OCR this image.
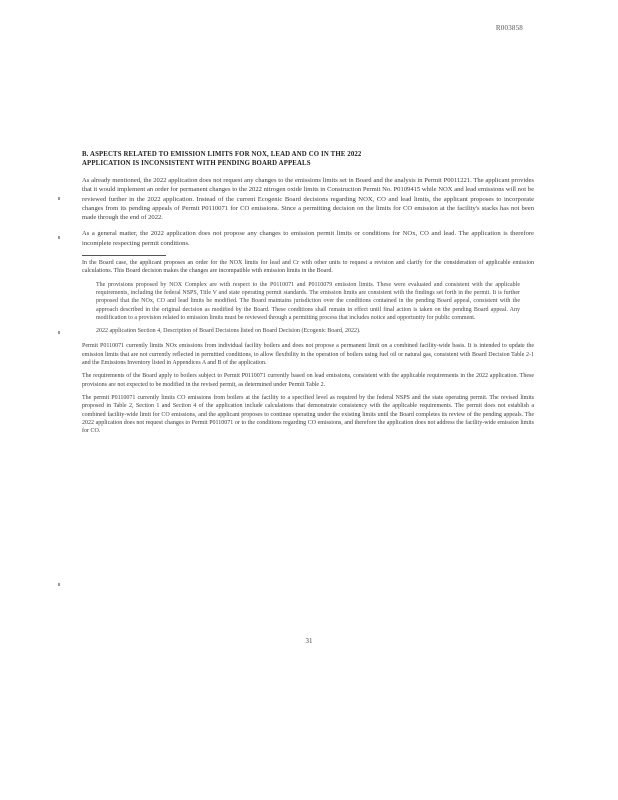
R003858
B. ASPECTS RELATED TO EMISSION LIMITS FOR NOX, LEAD AND CO IN THE 2022
APPLICATION IS INCONSISTENT WITH PENDING BOARD APPEALS

As already mentioned, the 2022 application does not request any changes to the emissions limits set in Board and the analysis in Permit P0011221. The applicant provides that it would implement an order for permanent changes to the 2022 nitrogen oxide limits in Construction Permit No. P0109415 while NOX and lead emissions will not be reviewed further in the 2022 application. Instead of the current Ecogenic Board decisions regarding NOX, CO and lead limits, the applicant proposes to incorporate changes from its pending appeals of Permit P0110071 for CO emissions. Since a permitting decision on the limits for CO emission at the facility's stacks has not been made through the end of 2022.

As a general matter, the 2022 application does not propose any changes to emission permit limits or conditions for NOx, CO and lead. The application is therefore incomplete respecting permit conditions.

In the Board case, the applicant proposes an order for the NOX limits for lead and Cr with other units to request a revision and clarify for the consideration of applicable emission calculations. This Board decision makes the changes are incompatible with emission limits in the Board.
The provisions proposed by NOX Complex are with respect to the P0110071 and P0110079 emission limits. These were evaluated and consistent with the applicable requirements, including the federal NSPS, Title V and state operating permit standards. The emission limits are consistent with the findings set forth in the permit. It is further proposed that the NOx, CO and lead limits be modified. The Board maintains jurisdiction over the conditions contained in the pending Board appeal, consistent with the approach described in the original decision as modified by the Board. These conditions shall remain in effect until final action is taken on the pending Board appeal. Any modification to a provision related to emission limits must be reviewed through a permitting process that includes notice and opportunity for public comment.
2022 application Section 4, Description of Board Decisions listed on Board Decision (Ecogenic Board, 2022).
Permit P0110071 currently limits NOx emissions from individual facility boilers and does not propose a permanent limit on a combined facility-wide basis. It is intended to update the emission limits that are not currently reflected in permitted conditions, to allow flexibility in the operation of boilers using fuel oil or natural gas, consistent with Board Decision Table 2-1 and the Emissions Inventory listed in Appendices A and B of the application.
The requirements of the Board apply to boilers subject to Permit P0110071 currently based on lead emissions, consistent with the applicable requirements in the 2022 application. These provisions are not expected to be modified in the revised permit, as determined under Permit Table 2.
The permit P0110071 currently limits CO emissions from boilers at the facility to a specified level as required by the federal NSPS and the state operating permit. The revised limits proposed in Table 2, Section 1 and Section 4 of the application include calculations that demonstrate consistency with the applicable requirements. The permit does not establish a combined facility-wide limit for CO emissions, and the applicant proposes to continue operating under the existing limits until the Board completes its review of the pending appeals. The 2022 application does not request changes to Permit P0110071 or to the conditions regarding CO emissions, and therefore the application does not address the facility-wide emission limits for CO.
31
